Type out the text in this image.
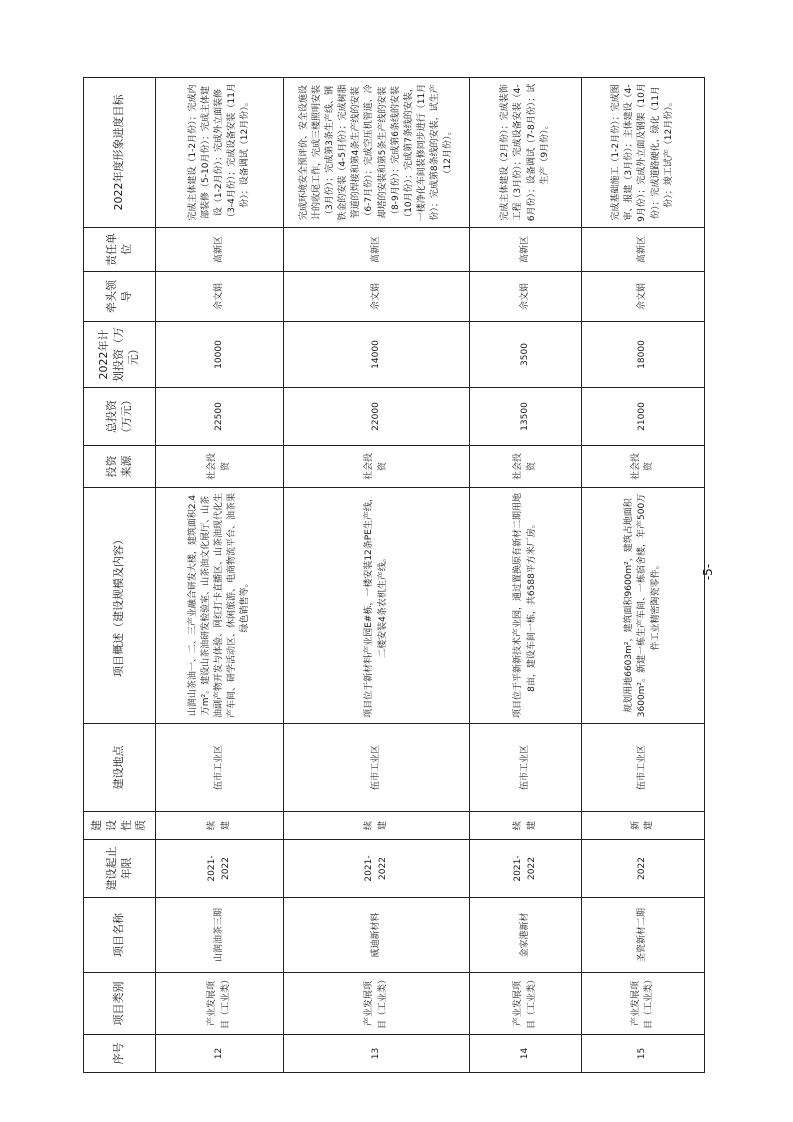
序号	项目类别	项目名称	建设起止年限	建设性质	建设地点	项目概述（建设规模及内容）	投资来源	总投资（万元）	2022年计划投资（万元）	牵头领导	责任单位	2022年度形象进度目标
12	产业发展项目（工业类）	山润油茶三期	2021-2022	续建	伍市工业区	山润山茶油一、二、三产业融合研发大楼，建筑面积2.4万m²。建设山茶油研发检验室、山茶油文化展厅、山茶油副产物开发与体验、网红打卡直播区、山茶油现代化生产车间、研学活动区、休闲旅游、电商物流平台、油茶果绿色销售等。	社会投资	22500	10000	佘文娟	高新区	完成主体建设（1-2月份）；完成内部装修（5-10月份）；完成主体建设（1-2月份）；完成外立面装修（3-4月份）；完成设备安装（11月份）；设备调试（12月份）。
13	产业发展项目（工业类）	威迪新材料	2021-2022	续建	伍市工业区	项目位于新材料产业园E#栋，一楼安装12条PE生产线，二楼安装4条农机生产线。	社会投资	22000	14000	佘文娟	高新区	完成环境安全预评价、安全设施设计的收尾工作，完成三楼照明安装（3月份）；完成第3条生产线、钢铁金的安装（4-5月份）；完成树脂管道的焊接和第4条生产线的安装（6-7月份）；完成空压机管道、冷却塔的安装和第5条生产线的安装（8-9月份）；完成第6条线的安装（10月份）；完成第7条线的安装，一楼净化车间装修同步进行（11月份）；完成第8条线的安装，试生产（12月份）。
14	产业发展项目（工业类）	金家港新材	2021-2022	续建	伍市工业区	项目位于平新新技术产业园，通过置换原有新材二期用地8亩，建设车间一栋，共6588平方米厂房。	社会投资	13500	3500	佘文娟	高新区	完成主体建设（2月份）；完成装饰工程（3月份）；完成设备安装（4-6月份）；设备调试（7-8月份）；试生产（9月份）。
15	产业发展项目（工业类）	圣瓷新材二期	2022	新建	伍市工业区	规划用地6603m²，建筑面积9600m²，建筑占地面积3600m²。新建一栋生产车间、一栋宿舍楼，年产500万件工业精密陶瓷零件。	社会投资	21000	18000	佘文娟	高新区	完成基础施工（1-2月份）；完成图审、报建（3月份）；主体建设（4-9月份）；完成外立面及钢架（10月份）；完成道路硬化、绿化（11月份）；竣工试产（12月份）。
-5-
